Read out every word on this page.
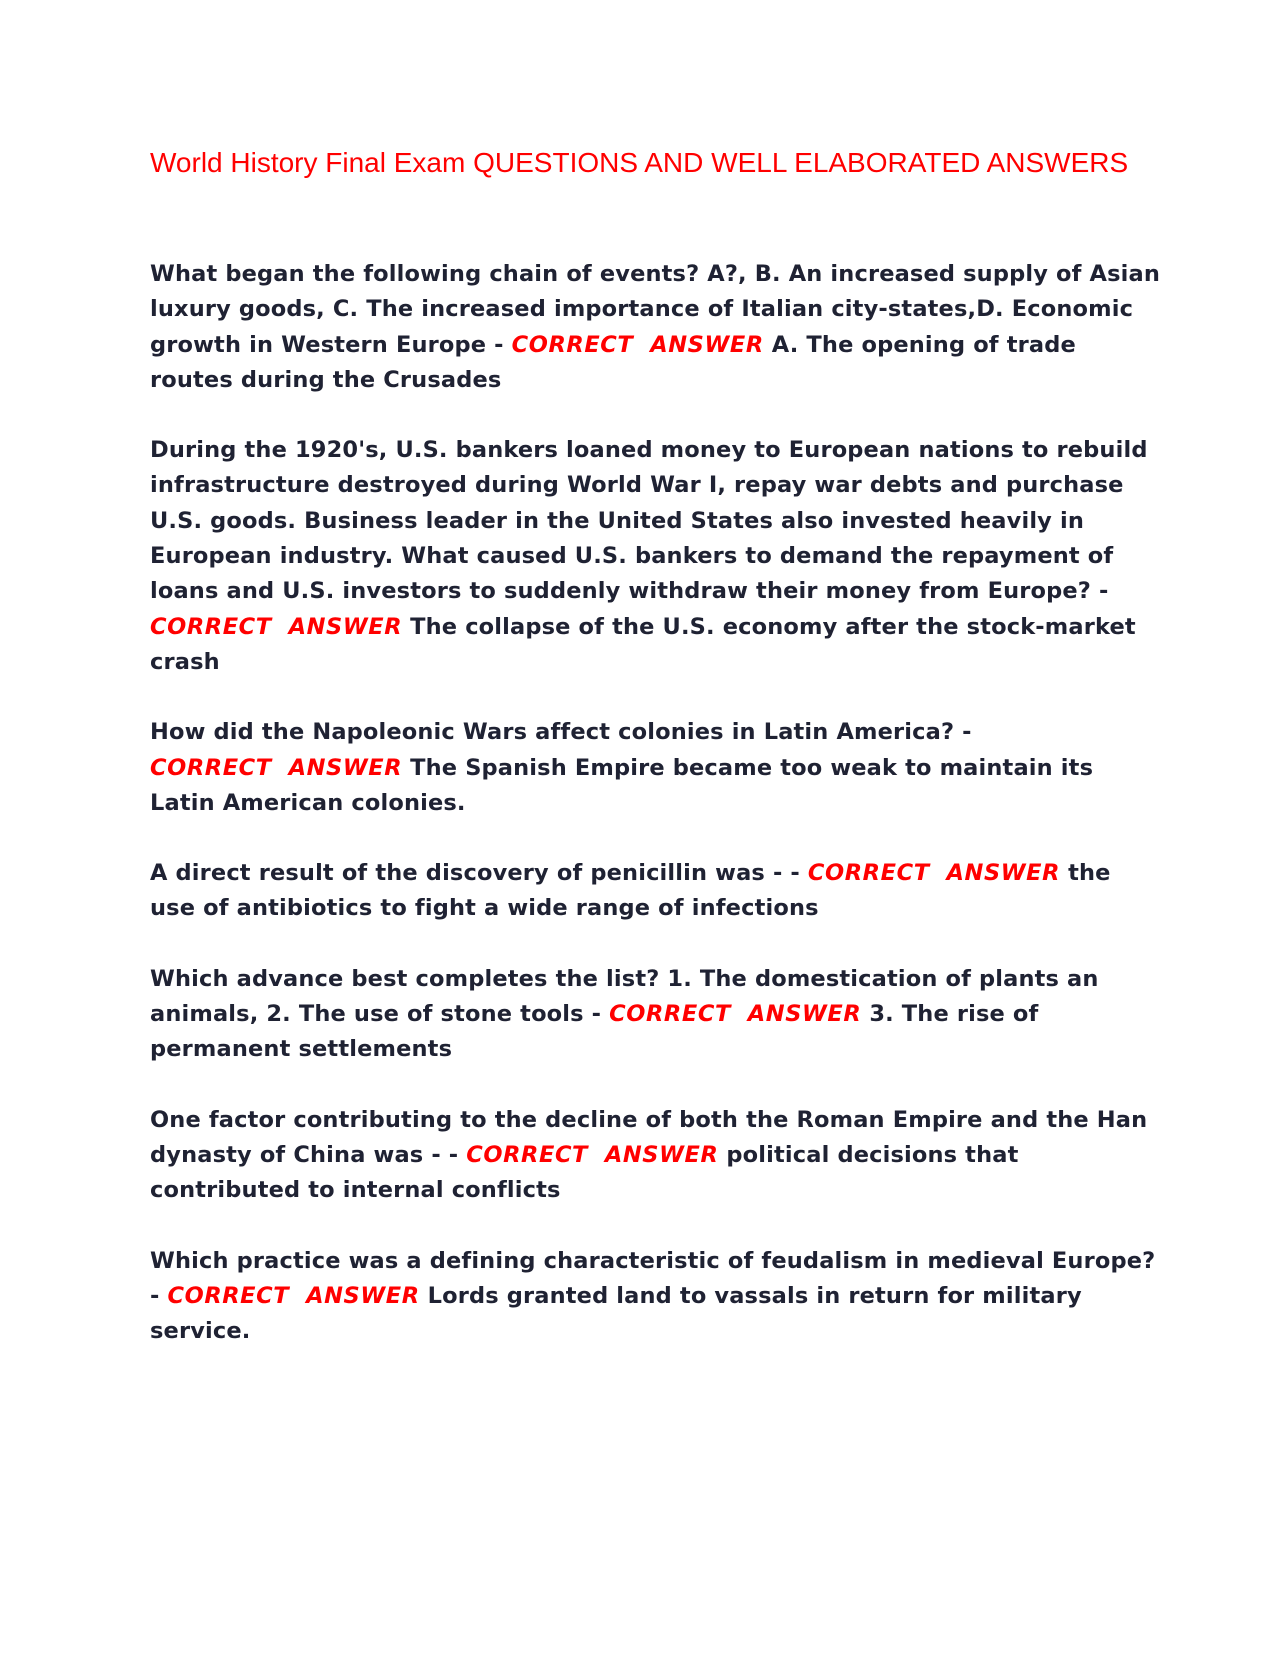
World History Final Exam QUESTIONS AND WELL ELABORATED ANSWERS

What began the following chain of events? A?, B. An increased supply of Asian luxury goods, C. The increased importance of Italian city-states,D. Economic growth in Western Europe - CORRECT  ANSWER A. The opening of trade routes during the Crusades

During the 1920's, U.S. bankers loaned money to European nations to rebuild infrastructure destroyed during World War I, repay war debts and purchase U.S. goods. Business leader in the United States also invested heavily in European industry. What caused U.S. bankers to demand the repayment of loans and U.S. investors to suddenly withdraw their money from Europe? - CORRECT  ANSWER The collapse of the U.S. economy after the stock-market crash

How did the Napoleonic Wars affect colonies in Latin America? - CORRECT  ANSWER The Spanish Empire became too weak to maintain its Latin American colonies.

A direct result of the discovery of penicillin was - - CORRECT  ANSWER the use of antibiotics to fight a wide range of infections

Which advance best completes the list? 1. The domestication of plants an animals, 2. The use of stone tools - CORRECT  ANSWER 3. The rise of permanent settlements

One factor contributing to the decline of both the Roman Empire and the Han dynasty of China was - - CORRECT  ANSWER political decisions that contributed to internal conflicts

Which practice was a defining characteristic of feudalism in medieval Europe? - CORRECT  ANSWER Lords granted land to vassals in return for military service.
